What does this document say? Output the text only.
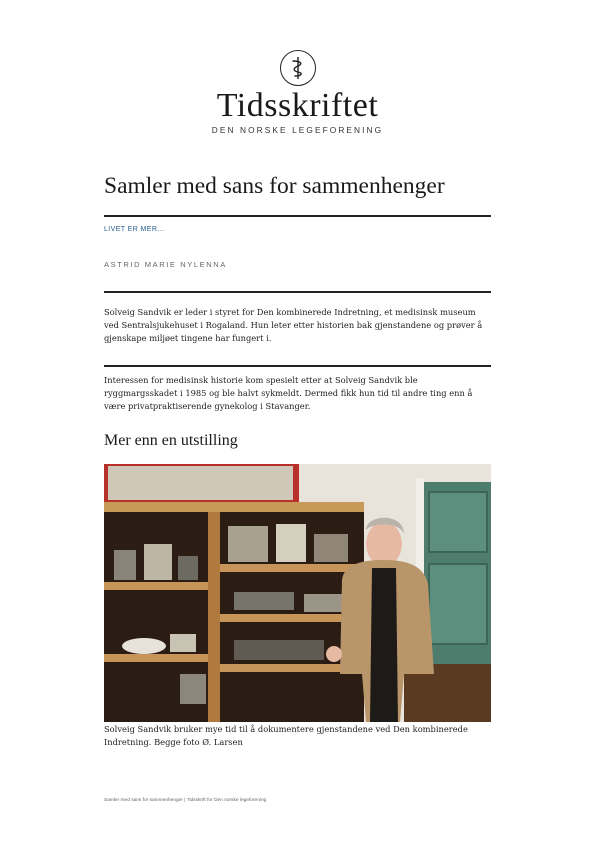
Tidsskriftet
DEN NORSKE LEGEFORENING
Samler med sans for sammenhenger
LIVET ER MER…
ASTRID MARIE NYLENNA

Solveig Sandvik er leder i styret for Den kombinerede Indretning, et medisinsk museum ved Sentralsjukehuset i Rogaland. Hun leter etter historien bak gjenstandene og prøver å gjenskape miljøet tingene har fungert i.

Interessen for medisinsk historie kom spesielt etter at Solveig Sandvik ble ryggmargsskadet i 1985 og ble halvt sykmeldt. Dermed fikk hun tid til andre ting enn å være privatpraktiserende gynekolog i Stavanger.

Mer enn en utstilling
Solveig Sandvik bruker mye tid til å dokumentere gjenstandene ved Den kombinerede Indretning. Begge foto Ø. Larsen
Samler med sans for sammenhenger | Tidsskrift for Den norske legeforening
